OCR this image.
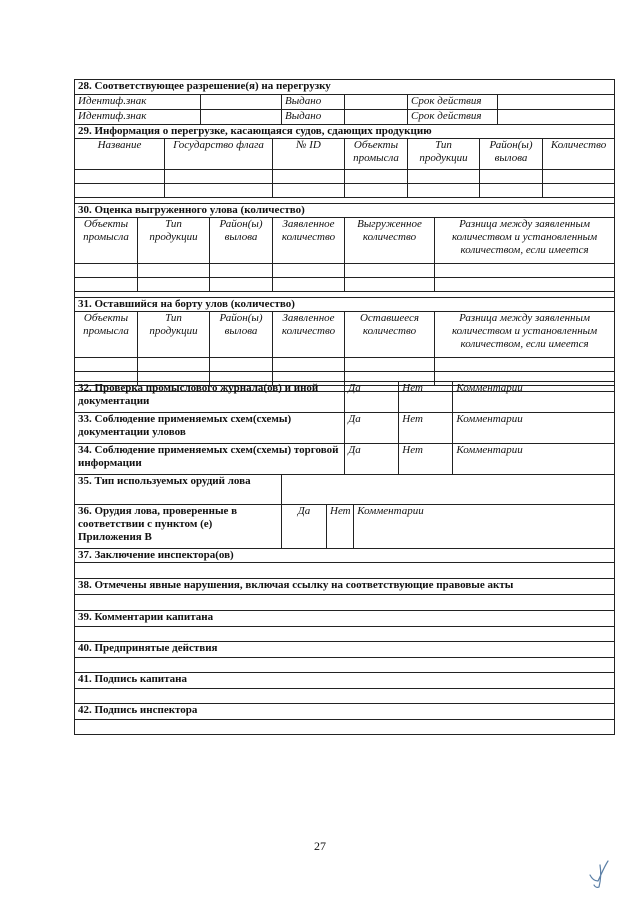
28. Соответствующее разрешение(я) на перегрузку												
Идентиф.знак						Выдано		Срок действия				
Идентиф.знак						Выдано		Срок действия				
29. Информация о перегрузке, касающаяся судов, сдающих продукцию												
Название		Государство флага			№ ID		Объекты промысла	Тип продукции		Район(ы) вылова		Количество

30. Оценка выгруженного улова (количество)												
Объекты промысла	Тип продукции			Район(ы) вылова	Заявленное количество		Выгруженное количество		Разница между заявленным количеством и установленным количеством, если имеется			

31. Оставшийся на борту улов (количество)												
Объекты промысла	Тип продукции			Район(ы) вылова	Заявленное количество		Оставшееся количество		Разница между заявленным количеством и установленным количеством, если имеется			

32. Проверка промыслового журнала(ов) и иной документации			Да		Нет	Комментарии
33. Соблюдение применяемых схем(схемы) документации уловов			Да		Нет	Комментарии
34. Соблюдение применяемых схем(схемы) торговой информации			Да		Нет	Комментарии
35. Тип используемых орудий лова						
36. Орудия лова, проверенные в соответствии с пунктом (е) Приложения В	Да	Нет		Комментарии		
37. Заключение инспектора(ов)						

38. Отмечены явные нарушения, включая ссылку на соответствующие правовые акты						

39. Комментарии капитана						

40. Предпринятые действия						

41. Подпись капитана						

42. Подпись инспектора						

27
